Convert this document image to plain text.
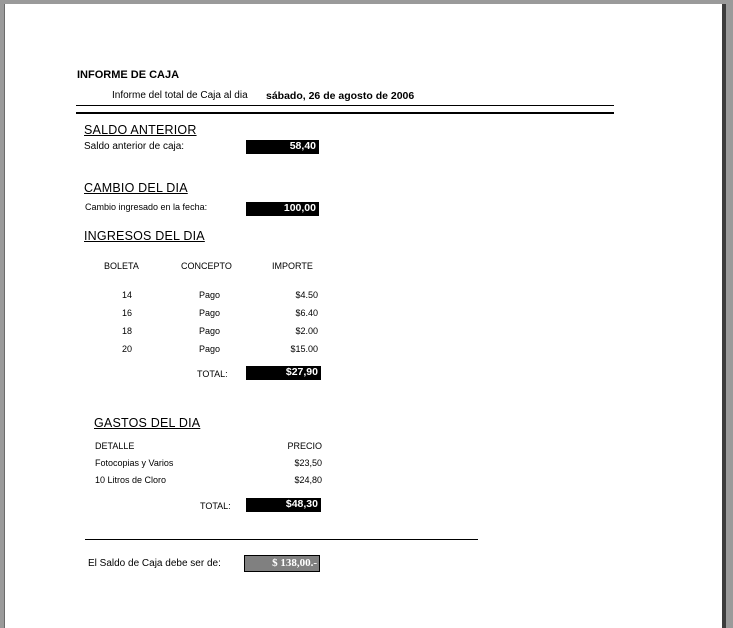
INFORME DE CAJA
Informe del total de Caja al dia sábado, 26 de agosto de 2006
SALDO ANTERIOR
Saldo anterior de caja:	58,40
CAMBIO DEL DIA
Cambio ingresado en la fecha:	100,00
INGRESOS DEL DIA
BOLETA	CONCEPTO	IMPORTE
14	Pago	$4.50
16	Pago	$6.40
18	Pago	$2.00
20	Pago	$15.00
TOTAL:	$27,90
GASTOS DEL DIA
DETALLE	PRECIO
Fotocopias y Varios	$23,50
10 Litros de Cloro	$24,80
TOTAL:	$48,30
El Saldo de Caja debe ser de:	$ 138,00.-
